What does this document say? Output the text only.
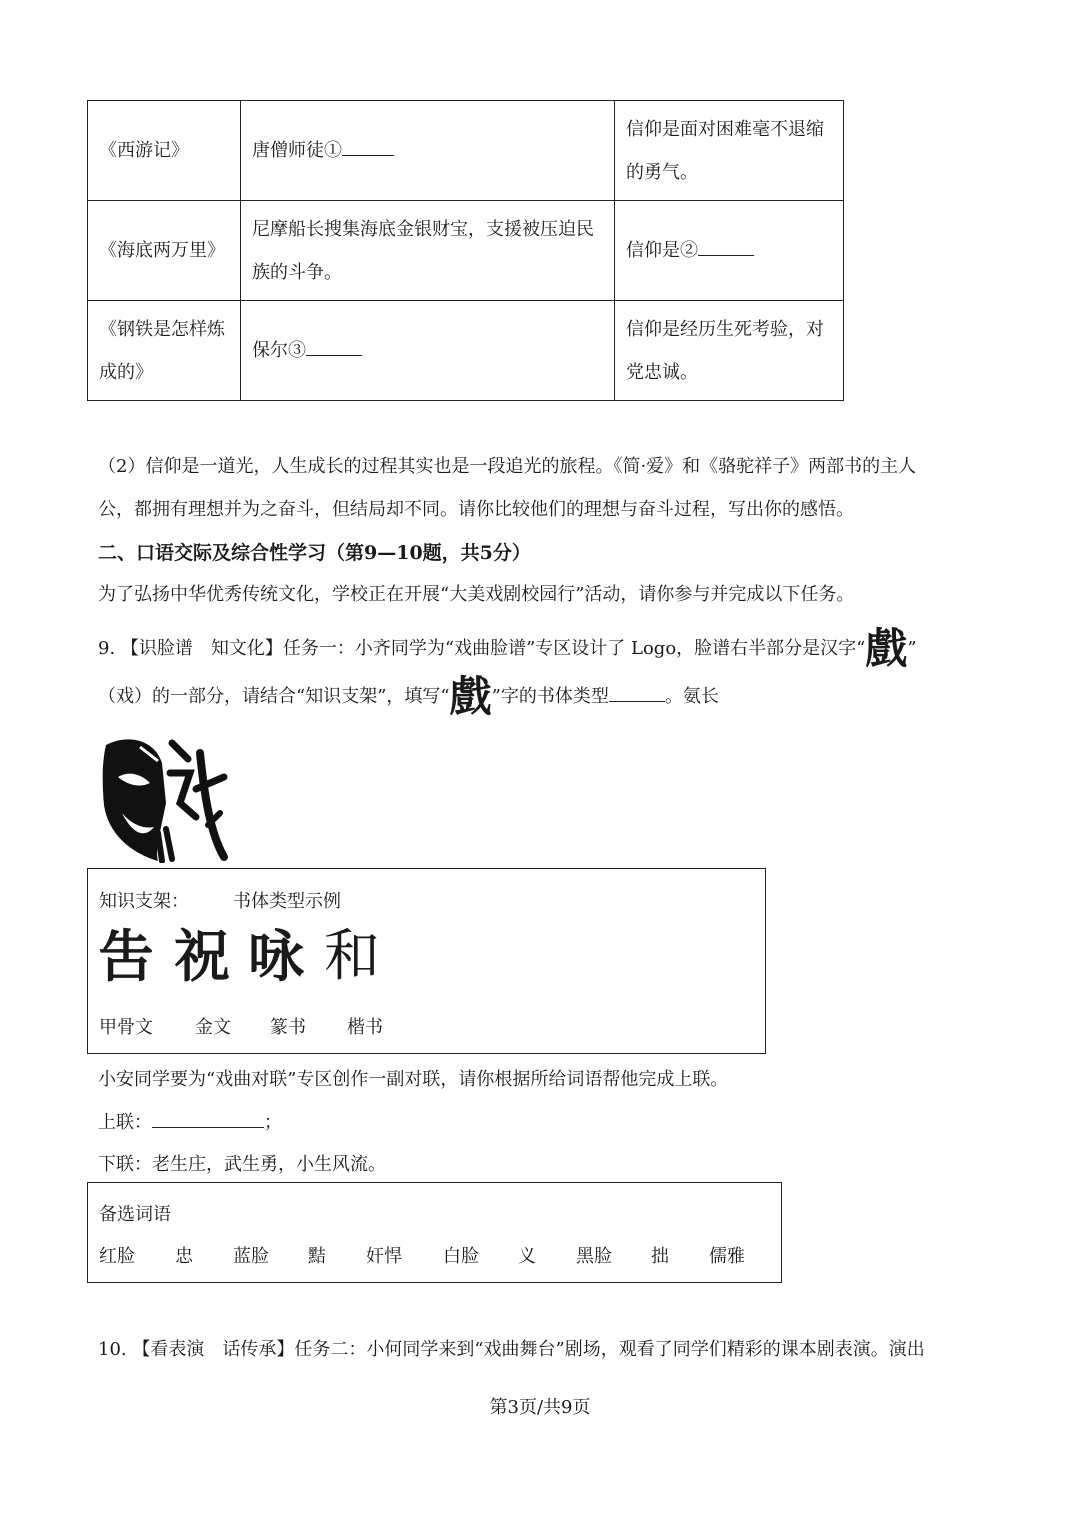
《西游记》	唐僧师徒①	信仰是面对困难毫不退缩的勇气。
《海底两万里》	尼摩船长搜集海底金银财宝，支援被压迫民族的斗争。	信仰是②
《钢铁是怎样炼成的》	保尔③	信仰是经历生死考验，对党忠诚。
（2）信仰是一道光，人生成长的过程其实也是一段追光的旅程。《简·爱》和《骆驼祥子》两部书的主人
公，都拥有理想并为之奋斗，但结局却不同。请你比较他们的理想与奋斗过程，写出你的感悟。
二、口语交际及综合性学习（第9—10题，共5分）
为了弘扬中华优秀传统文化，学校正在开展“大美戏剧校园行”活动，请你参与并完成以下任务。
9. 【识脸谱　知文化】任务一：小齐同学为“戏曲脸谱”专区设计了 Logo，脸谱右半部分是汉字“戲”
（戏）的一部分，请结合“知识支架”，填写“戲”字的书体类型	。氨长
知识支架： 书体类型示例
吿 祝 咏 和
甲骨文 金文 篆书 楷书
小安同学要为“戏曲对联”专区创作一副对联，请你根据所给词语帮他完成上联。
上联：	；
下联：老生庄，武生勇，小生风流。
备选词语
红脸 忠 蓝脸 黠 奸悍 白脸 义 黑脸 拙 儒雅
10. 【看表演　话传承】任务二：小何同学来到“戏曲舞台”剧场，观看了同学们精彩的课本剧表演。演出
第3页/共9页
